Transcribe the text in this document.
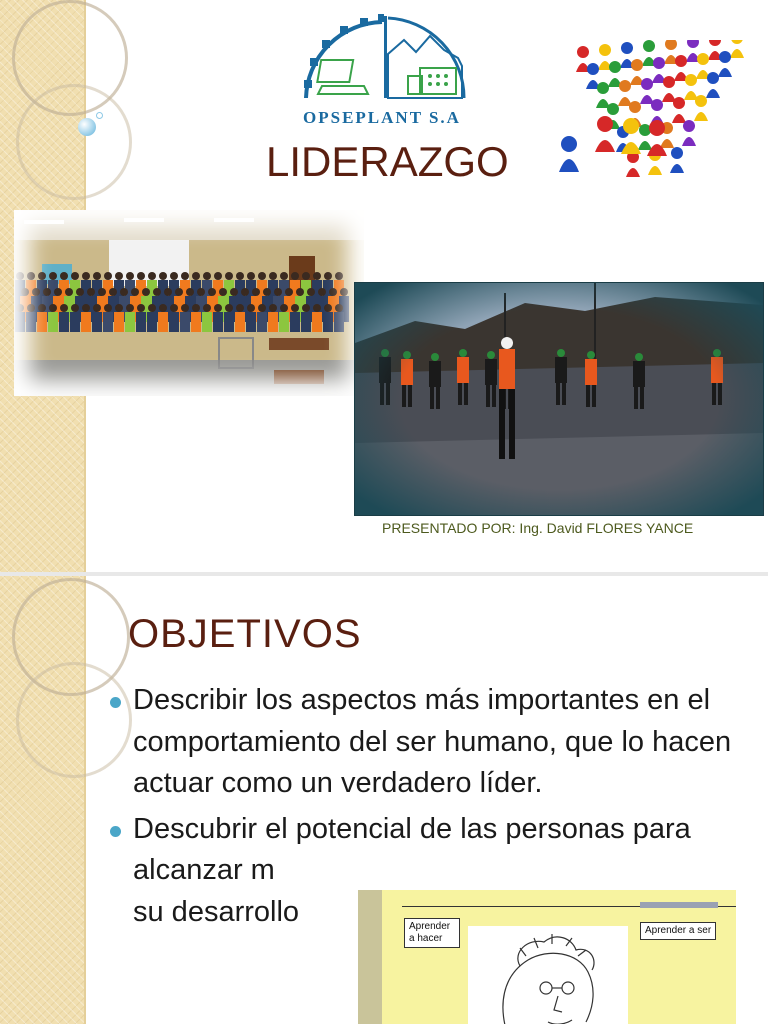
OPSEPLANT S.A
LIDERAZGO
PRESENTADO POR: Ing. David FLORES YANCE
OBJETIVOS
Describir los aspectos más importantes en el comportamiento del ser humano, que lo hacen actuar como un verdadero líder.
Descubrir el potencial de las personas para alcanzar m
su desarrollo	Aprender a hacer
Aprender a ser
